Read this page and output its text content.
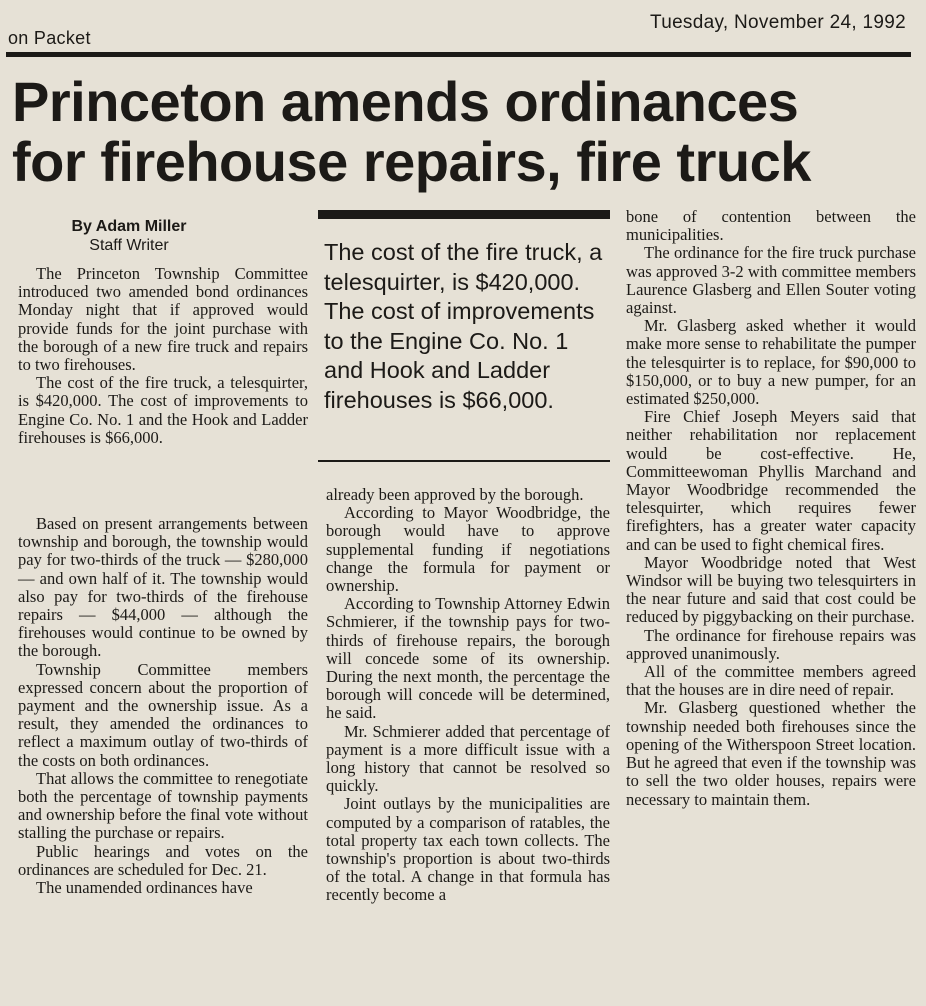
on Packet
Tuesday, November 24, 1992
Princeton amends ordinances
for firehouse repairs, fire truck
By Adam Miller
Staff Writer

The Princeton Township Committee introduced two amended bond ordinances Monday night that if approved would provide funds for the joint purchase with the borough of a new fire truck and repairs to two firehouses.

The cost of the fire truck, a telesquirter, is $420,000. The cost of improvements to Engine Co. No. 1 and the Hook and Ladder firehouses is $66,000.

Based on present arrangements between township and borough, the township would pay for two-thirds of the truck — $280,000 — and own half of it. The township would also pay for two-thirds of the firehouse repairs — $44,000 — although the firehouses would continue to be owned by the borough.

Township Committee members expressed concern about the proportion of payment and the ownership issue. As a result, they amended the ordinances to reflect a maximum outlay of two-thirds of the costs on both ordinances.

That allows the committee to renegotiate both the percentage of township payments and ownership before the final vote without stalling the purchase or repairs.

Public hearings and votes on the ordinances are scheduled for Dec. 21.

The unamended ordinances have

The cost of the fire truck, a telesquirter, is $420,000. The cost of improvements to the Engine Co. No. 1 and Hook and Ladder firehouses is $66,000.

already been approved by the borough.

According to Mayor Woodbridge, the borough would have to approve supplemental funding if negotiations change the formula for payment or ownership.

According to Township Attorney Edwin Schmierer, if the township pays for two-thirds of firehouse repairs, the borough will concede some of its ownership. During the next month, the percentage the borough will concede will be determined, he said.

Mr. Schmierer added that percentage of payment is a more difficult issue with a long history that cannot be resolved so quickly.

Joint outlays by the municipalities are computed by a comparison of ratables, the total property tax each town collects. The township's proportion is about two-thirds of the total. A change in that formula has recently become a

bone of contention between the municipalities.

The ordinance for the fire truck purchase was approved 3-2 with committee members Laurence Glasberg and Ellen Souter voting against.

Mr. Glasberg asked whether it would make more sense to rehabilitate the pumper the telesquirter is to replace, for $90,000 to $150,000, or to buy a new pumper, for an estimated $250,000.

Fire Chief Joseph Meyers said that neither rehabilitation nor replacement would be cost-effective. He, Committeewoman Phyllis Marchand and Mayor Woodbridge recommended the telesquirter, which requires fewer firefighters, has a greater water capacity and can be used to fight chemical fires.

Mayor Woodbridge noted that West Windsor will be buying two telesquirters in the near future and said that cost could be reduced by piggybacking on their purchase.

The ordinance for firehouse repairs was approved unanimously.

All of the committee members agreed that the houses are in dire need of repair.

Mr. Glasberg questioned whether the township needed both firehouses since the opening of the Witherspoon Street location. But he agreed that even if the township was to sell the two older houses, repairs were necessary to maintain them.
